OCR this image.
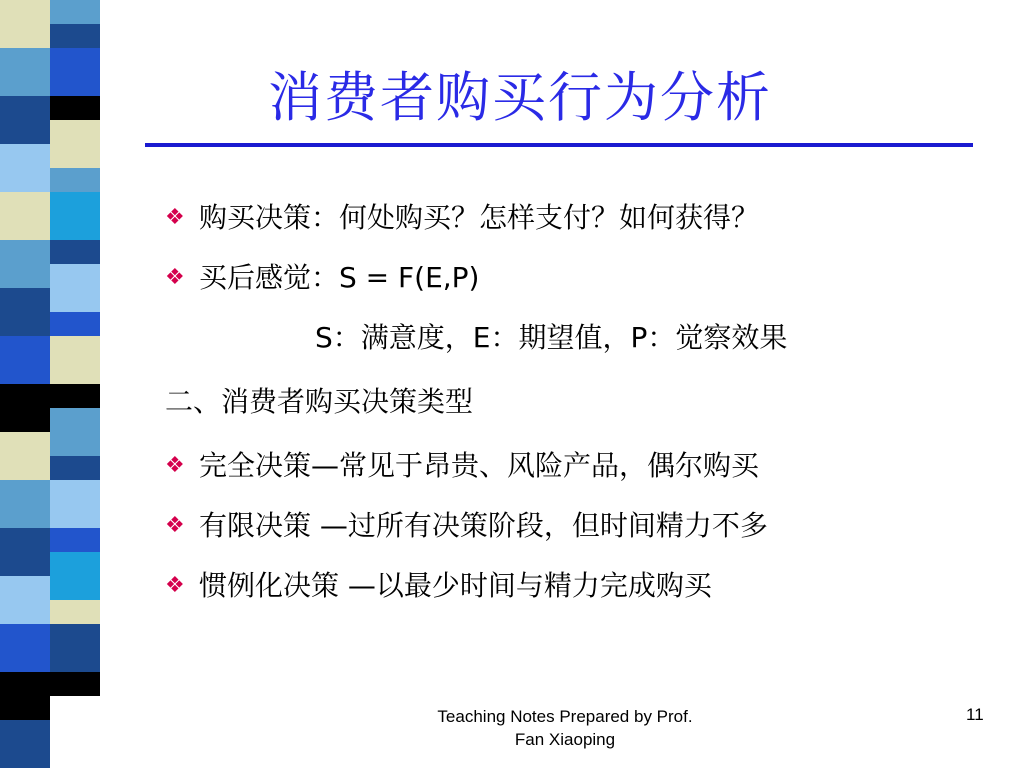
消费者购买行为分析
❖ 购买决策：何处购买？怎样支付？如何获得？
❖ 买后感觉：S = F(E,P)
S：满意度，E：期望值，P：觉察效果
二、消费者购买决策类型
❖ 完全决策—常见于昂贵、风险产品，偶尔购买
❖ 有限决策 —过所有决策阶段，但时间精力不多
❖ 惯例化决策 —以最少时间与精力完成购买
Teaching Notes Prepared by Prof.
Fan Xiaoping
11
